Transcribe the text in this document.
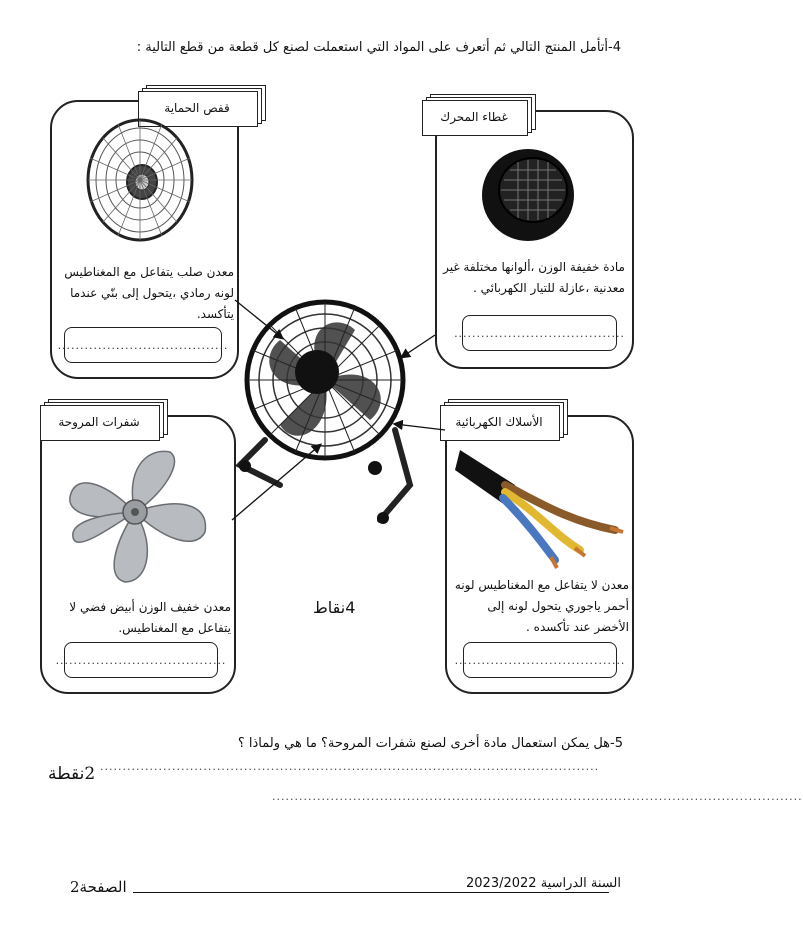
4-أتأمل المنتج التالي ثم أتعرف على المواد التي استعملت لصنع كل قطعة من قطع التالية :
معدن صلب يتفاعل مع المغناطيس لونه رمادي ،يتحول إلى بنّي عندما يتأكسد.
......................................
قفص الحماية
مادة خفيفة الوزن ،ألوانها مختلفة غير معدنية ،عازلة للتيار الكهربائي .
......................................
غطاء المحرك
معدن خفيف الوزن أبيض فضي لا يتفاعل مع المغناطيس.
......................................
شفرات المروحة
معدن لا يتفاعل مع المغناطيس لونه أحمر ياجوري يتحول لونه إلى الأخضر عند تأكسده .
......................................
الأسلاك الكهربائية
4نقاط
5-هل يمكن استعمال مادة أخرى لصنع شفرات المروحة؟ ما هي ولماذا ؟
2نقطة ...............................................................................................................
......................................................................................................................
2023/2022 السنة الدراسية
2الصفحة
